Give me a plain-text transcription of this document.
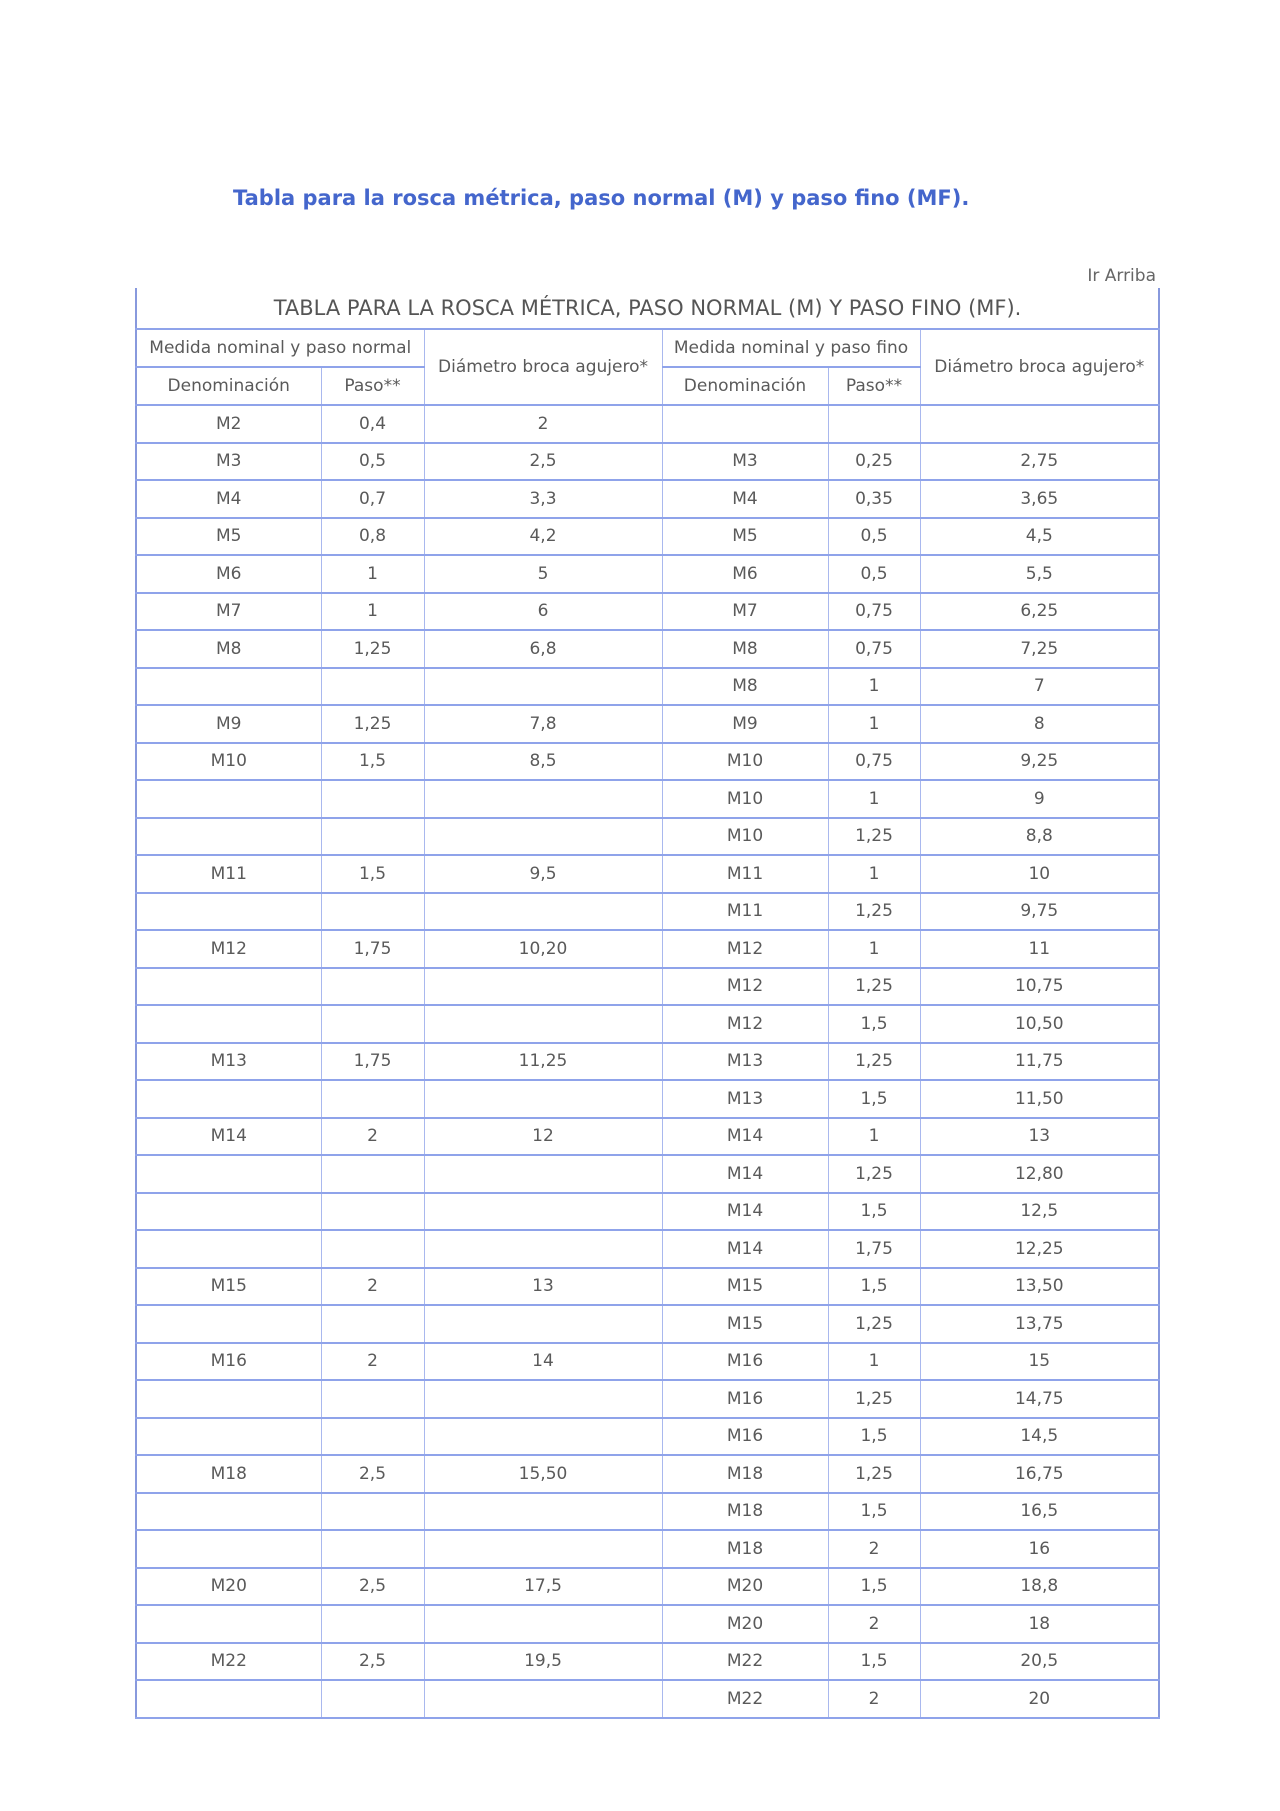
Tabla para la rosca métrica, paso normal (M) y paso fino (MF).
Ir Arriba
TABLA PARA LA ROSCA MÉTRICA, PASO NORMAL (M) Y PASO FINO (MF).					
Medida nominal y paso normal		Diámetro broca agujero*	Medida nominal y paso fino		Diámetro broca agujero*
Denominación	Paso**		Denominación	Paso**	
M2	0,4	2			
M3	0,5	2,5	M3	0,25	2,75
M4	0,7	3,3	M4	0,35	3,65
M5	0,8	4,2	M5	0,5	4,5
M6	1	5	M6	0,5	5,5
M7	1	6	M7	0,75	6,25
M8	1,25	6,8	M8	0,75	7,25
			M8	1	7
M9	1,25	7,8	M9	1	8
M10	1,5	8,5	M10	0,75	9,25
			M10	1	9
			M10	1,25	8,8
M11	1,5	9,5	M11	1	10
			M11	1,25	9,75
M12	1,75	10,20	M12	1	11
			M12	1,25	10,75
			M12	1,5	10,50
M13	1,75	11,25	M13	1,25	11,75
			M13	1,5	11,50
M14	2	12	M14	1	13
			M14	1,25	12,80
			M14	1,5	12,5
			M14	1,75	12,25
M15	2	13	M15	1,5	13,50
			M15	1,25	13,75
M16	2	14	M16	1	15
			M16	1,25	14,75
			M16	1,5	14,5
M18	2,5	15,50	M18	1,25	16,75
			M18	1,5	16,5
			M18	2	16
M20	2,5	17,5	M20	1,5	18,8
			M20	2	18
M22	2,5	19,5	M22	1,5	20,5
			M22	2	20
